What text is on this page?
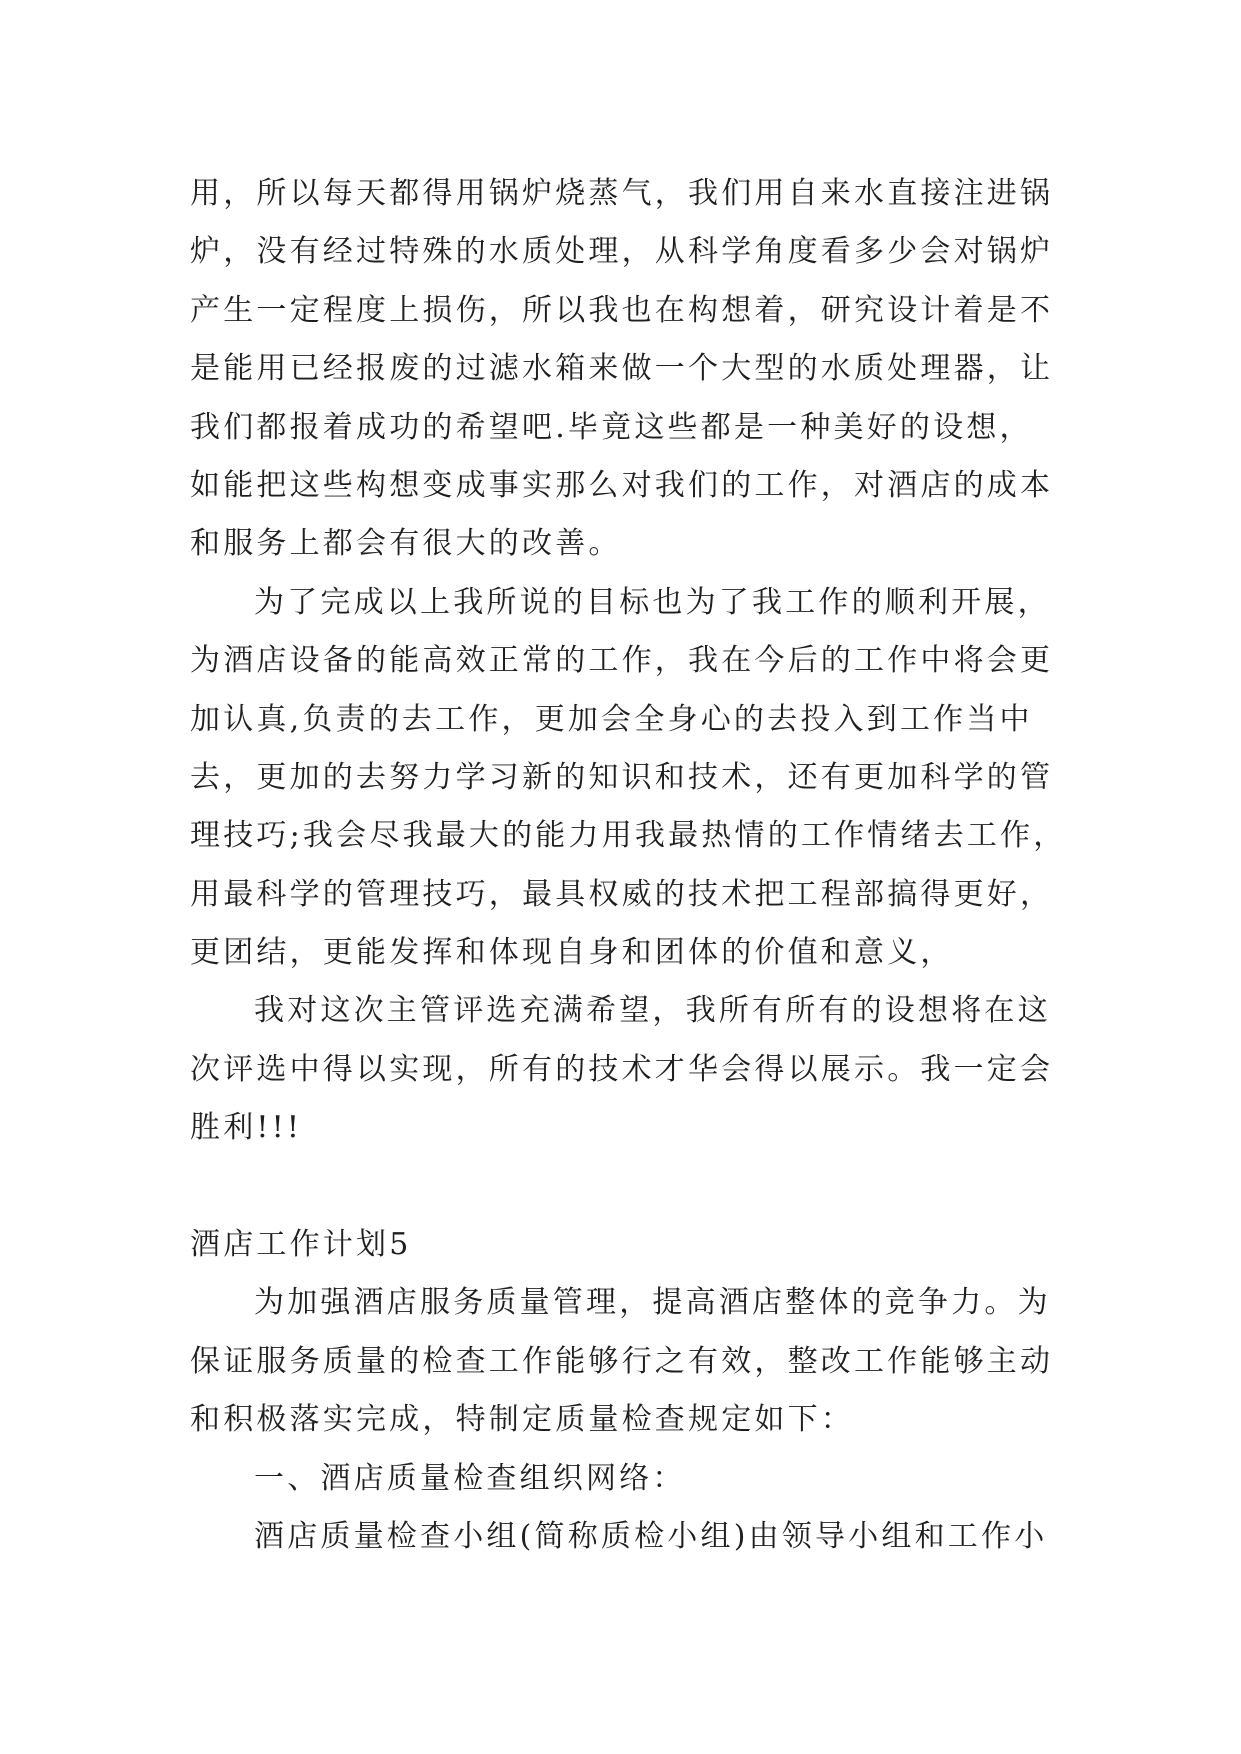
用，所以每天都得用锅炉烧蒸气，我们用自来水直接注进锅
炉，没有经过特殊的水质处理，从科学角度看多少会对锅炉
产生一定程度上损伤，所以我也在构想着，研究设计着是不
是能用已经报废的过滤水箱来做一个大型的水质处理器，让
我们都报着成功的希望吧.毕竟这些都是一种美好的设想，
如能把这些构想变成事实那么对我们的工作，对酒店的成本
和服务上都会有很大的改善。
为了完成以上我所说的目标也为了我工作的顺利开展，
为酒店设备的能高效正常的工作，我在今后的工作中将会更
加认真,负责的去工作，更加会全身心的去投入到工作当中
去，更加的去努力学习新的知识和技术，还有更加科学的管
理技巧;我会尽我最大的能力用我最热情的工作情绪去工作，
用最科学的管理技巧，最具权威的技术把工程部搞得更好，
更团结，更能发挥和体现自身和团体的价值和意义，
我对这次主管评选充满希望，我所有所有的设想将在这
次评选中得以实现，所有的技术才华会得以展示。我一定会
胜利!!!
酒店工作计划5
为加强酒店服务质量管理，提高酒店整体的竞争力。为
保证服务质量的检查工作能够行之有效，整改工作能够主动
和积极落实完成，特制定质量检查规定如下：
一、酒店质量检查组织网络：
酒店质量检查小组(简称质检小组)由领导小组和工作小
